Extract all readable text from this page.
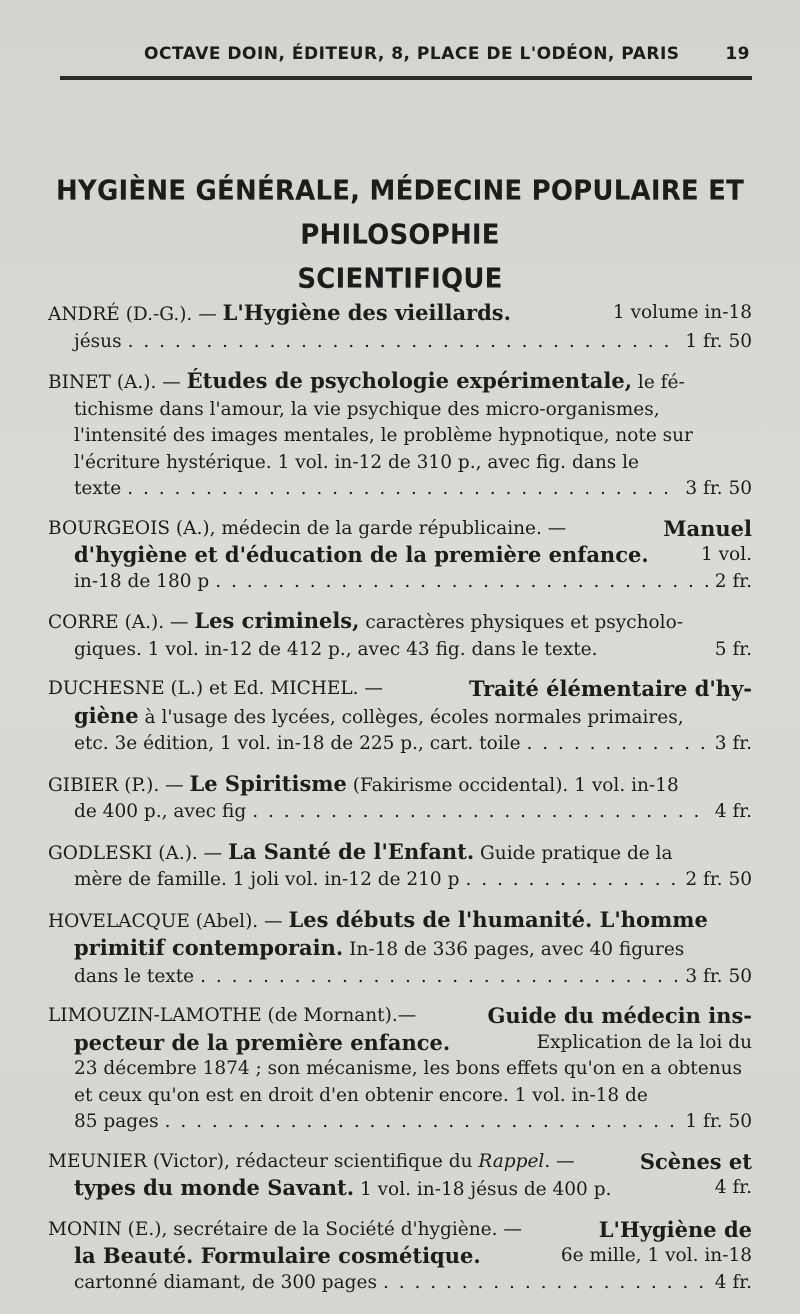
OCTAVE DOIN, ÉDITEUR, 8, PLACE DE L'ODÉON, PARIS	19
HYGIÈNE GÉNÉRALE, MÉDECINE POPULAIRE ET PHILOSOPHIE
SCIENTIFIQUE
ANDRÉ (D.-G.). — L'Hygiène des vieillards.	1 volume in-18
jésus . . .	1 fr. 50
BINET (A.). — Études de psychologie expérimentale, le fé-
tichisme dans l'amour, la vie psychique des micro-organismes,
l'intensité des images mentales, le problème hypnotique, note sur
l'écriture hystérique. 1 vol. in-12 de 310 p., avec fig. dans le
texte . . .	3 fr. 50
BOURGEOIS (A.), médecin de la garde républicaine. —	Manuel
d'hygiène et d'éducation de la première enfance.	1 vol.
in-18 de 180 p . . .	2 fr.
CORRE (A.). — Les criminels, caractères physiques et psycholo-
giques. 1 vol. in-12 de 412 p., avec 43 fig. dans le texte.	5 fr.
DUCHESNE (L.) et Ed. MICHEL. —	Traité élémentaire d'hy-
giène à l'usage des lycées, collèges, écoles normales primaires,
etc. 3e édition, 1 vol. in-18 de 225 p., cart. toile . . .	3 fr.
GIBIER (P.). — Le Spiritisme (Fakirisme occidental). 1 vol. in-18
de 400 p., avec fig . . .	4 fr.
GODLESKI (A.). — La Santé de l'Enfant. Guide pratique de la
mère de famille. 1 joli vol. in-12 de 210 p . . .	2 fr. 50
HOVELACQUE (Abel). — Les débuts de l'humanité. L'homme
primitif contemporain. In-18 de 336 pages, avec 40 figures
dans le texte . . .	3 fr. 50
LIMOUZIN-LAMOTHE (de Mornant).—	Guide du médecin ins-
pecteur de la première enfance.	Explication de la loi du
23 décembre 1874 ; son mécanisme, les bons effets qu'on en a obtenus
et ceux qu'on est en droit d'en obtenir encore. 1 vol. in-18 de
85 pages . . .	1 fr. 50
MEUNIER (Victor), rédacteur scientifique du Rappel. —	Scènes et
types du monde Savant. 1 vol. in-18 jésus de 400 p.	4 fr.
MONIN (E.), secrétaire de la Société d'hygiène. —	L'Hygiène de
la Beauté. Formulaire cosmétique.	6e mille, 1 vol. in-18
cartonné diamant, de 300 pages . . .	4 fr.
